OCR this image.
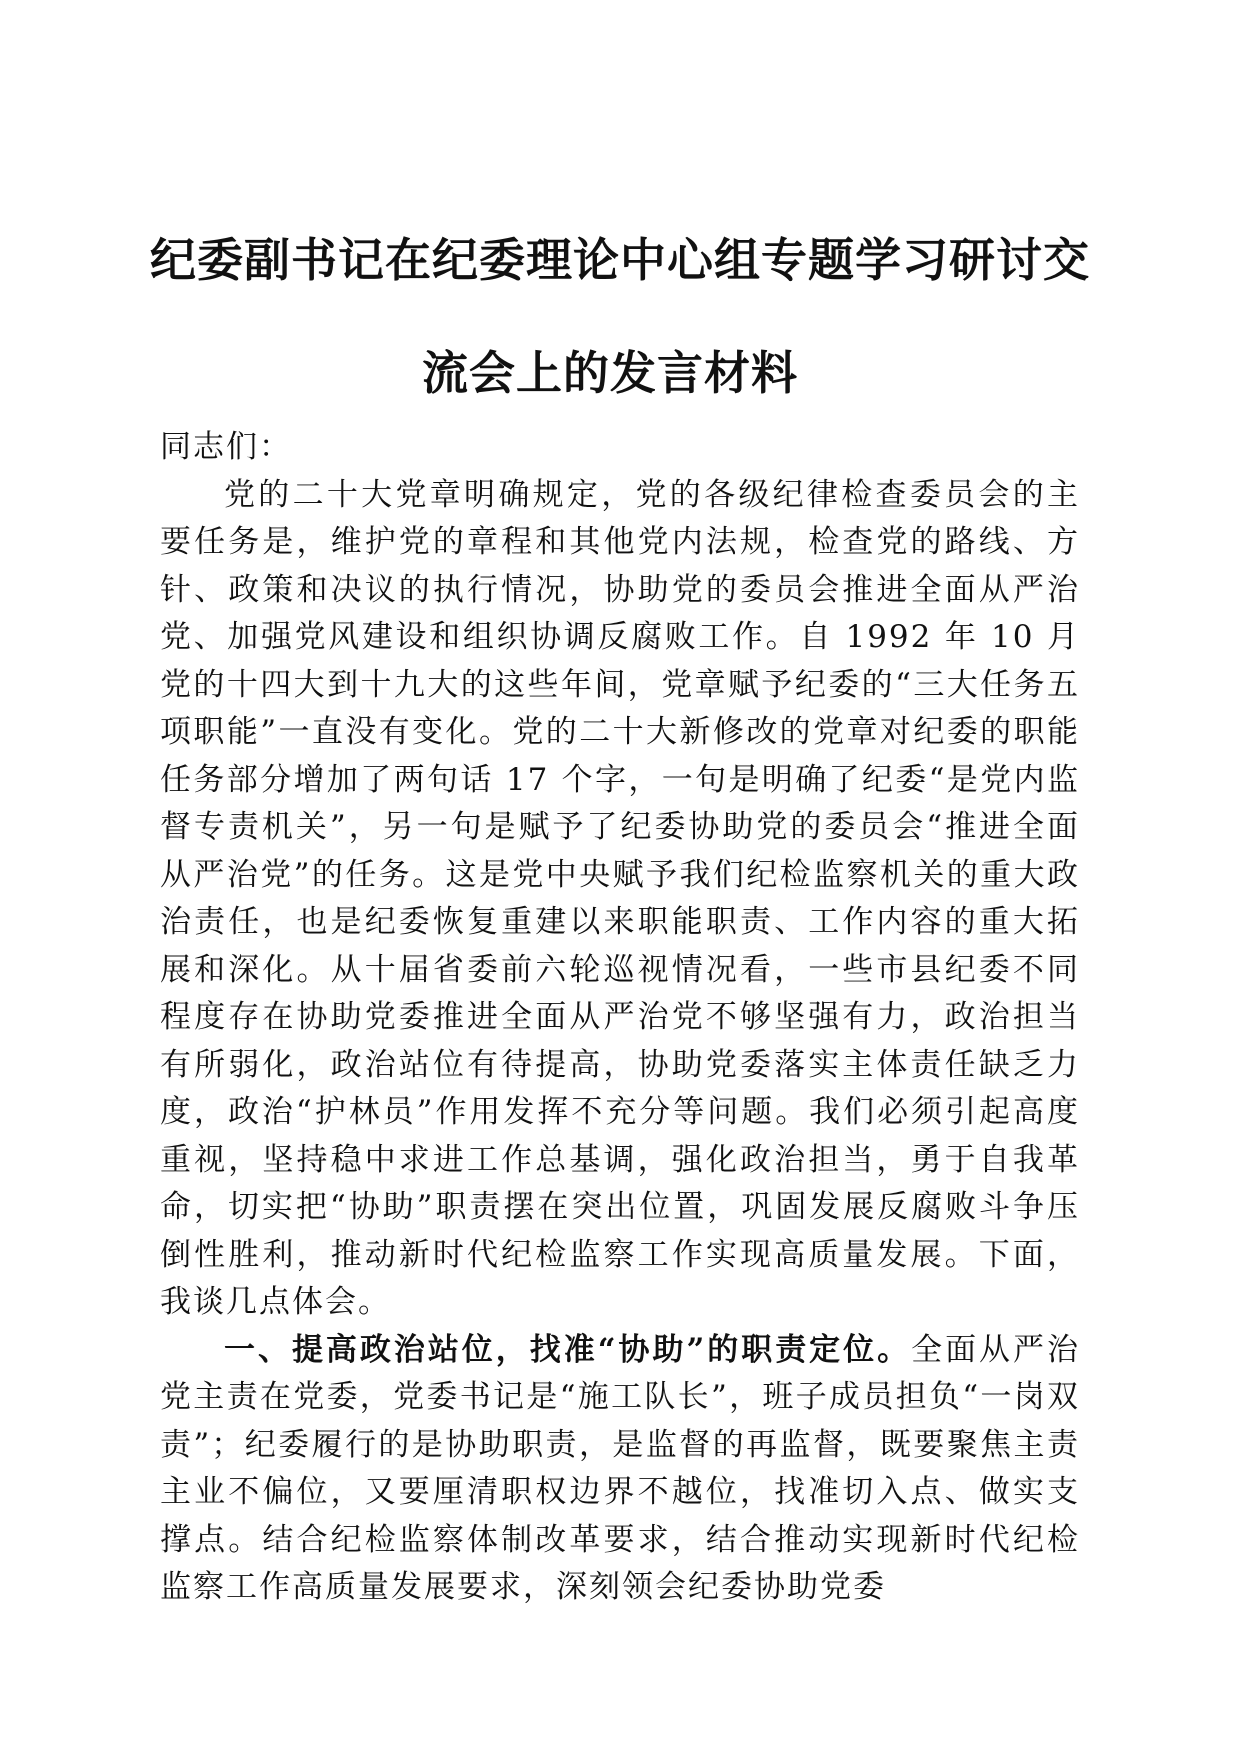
纪委副书记在纪委理论中心组专题学习研讨交
流会上的发言材料

同志们：

党的二十大党章明确规定，党的各级纪律检查委员会的主要任务是，维护党的章程和其他党内法规，检查党的路线、方针、政策和决议的执行情况，协助党的委员会推进全面从严治党、加强党风建设和组织协调反腐败工作。自 1992 年 10 月党的十四大到十九大的这些年间，党章赋予纪委的“三大任务五项职能”一直没有变化。党的二十大新修改的党章对纪委的职能任务部分增加了两句话 17 个字，一句是明确了纪委“是党内监督专责机关”，另一句是赋予了纪委协助党的委员会“推进全面从严治党”的任务。这是党中央赋予我们纪检监察机关的重大政治责任，也是纪委恢复重建以来职能职责、工作内容的重大拓展和深化。从十届省委前六轮巡视情况看，一些市县纪委不同程度存在协助党委推进全面从严治党不够坚强有力，政治担当有所弱化，政治站位有待提高，协助党委落实主体责任缺乏力度，政治“护林员”作用发挥不充分等问题。我们必须引起高度重视，坚持稳中求进工作总基调，强化政治担当，勇于自我革命，切实把“协助”职责摆在突出位置，巩固发展反腐败斗争压倒性胜利，推动新时代纪检监察工作实现高质量发展。下面，我谈几点体会。

一、提高政治站位，找准“协助”的职责定位。全面从严治党主责在党委，党委书记是“施工队长”，班子成员担负“一岗双责”；纪委履行的是协助职责，是监督的再监督，既要聚焦主责主业不偏位，又要厘清职权边界不越位，找准切入点、做实支撑点。结合纪检监察体制改革要求，结合推动实现新时代纪检监察工作高质量发展要求，深刻领会纪委协助党委
